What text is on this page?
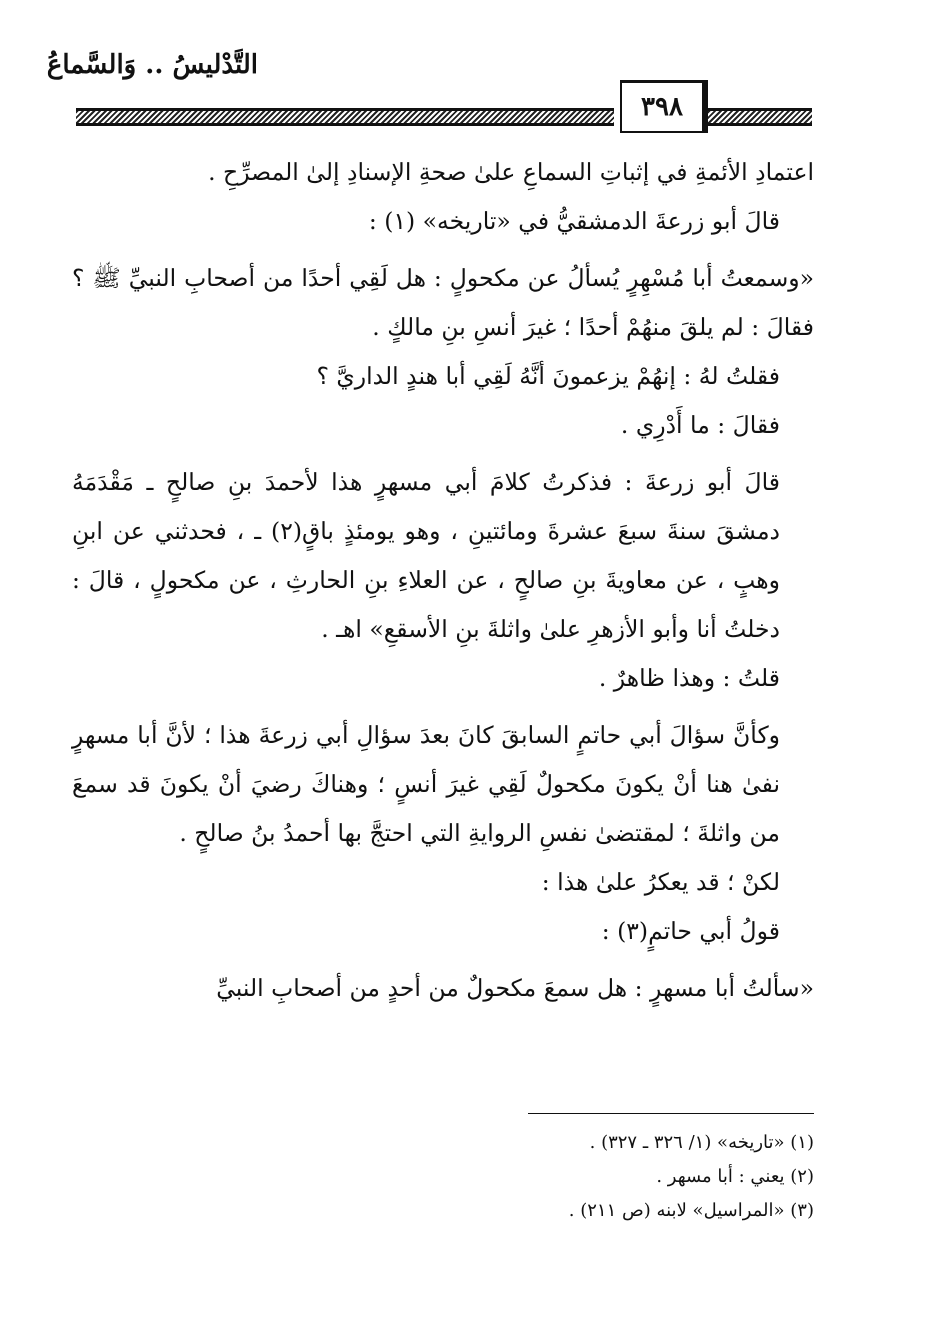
التَّدْليسُ .. وَالسَّماعُ
٣٩٨

اعتمادِ الأئمةِ في إثباتِ السماعِ علىٰ صحةِ الإسنادِ إلىٰ المصرِّحِ .

قالَ أبو زرعةَ الدمشقيُّ في «تاريخه» (١) :

«وسمعتُ أبا مُسْهِرٍ يُسألُ عن مكحولٍ : هل لَقِي أحدًا من أصحابِ النبيِّ ﷺ ؟ فقالَ : لم يلقَ منهُمْ أحدًا ؛ غيرَ أنسِ بنِ مالكٍ .

فقلتُ لهُ : إنهُمْ يزعمونَ أنَّهُ لَقِي أبا هندٍ الداريَّ ؟

فقالَ : ما أَدْرِي .

قالَ أبو زرعةَ : فذكرتُ كلامَ أبي مسهرٍ هذا لأحمدَ بنِ صالحٍ ـ مَقْدَمَهُ دمشقَ سنةَ سبعَ عشرةَ ومائتينِ ، وهو يومئذٍ باقٍ(٢) ـ ، فحدثني عن ابنِ وهبٍ ، عن معاويةَ بنِ صالحٍ ، عن العلاءِ بنِ الحارثِ ، عن مكحولٍ ، قالَ : دخلتُ أنا وأبو الأزهرِ علىٰ واثلةَ بنِ الأسقعِ» اهـ .

قلتُ : وهذا ظاهرٌ .

وكأنَّ سؤالَ أبي حاتمٍ السابقَ كانَ بعدَ سؤالِ أبي زرعةَ هذا ؛ لأنَّ أبا مسهرٍ نفىٰ هنا أنْ يكونَ مكحولٌ لَقِي غيرَ أنسٍ ؛ وهناكَ رضيَ أنْ يكونَ قد سمعَ من واثلةَ ؛ لمقتضىٰ نفسِ الروايةِ التي احتجَّ بها أحمدُ بنُ صالحٍ .

لكنْ ؛ قد يعكرُ علىٰ هذا :

قولُ أبي حاتمٍ(٣) :

«سألتُ أبا مسهرٍ : هل سمعَ مكحولٌ من أحدٍ من أصحابِ النبيِّ

(١) «تاريخه» (١/ ٣٢٦ ـ ٣٢٧) .

(٢) يعني : أبا مسهر .

(٣) «المراسيل» لابنه (ص ٢١١) .
